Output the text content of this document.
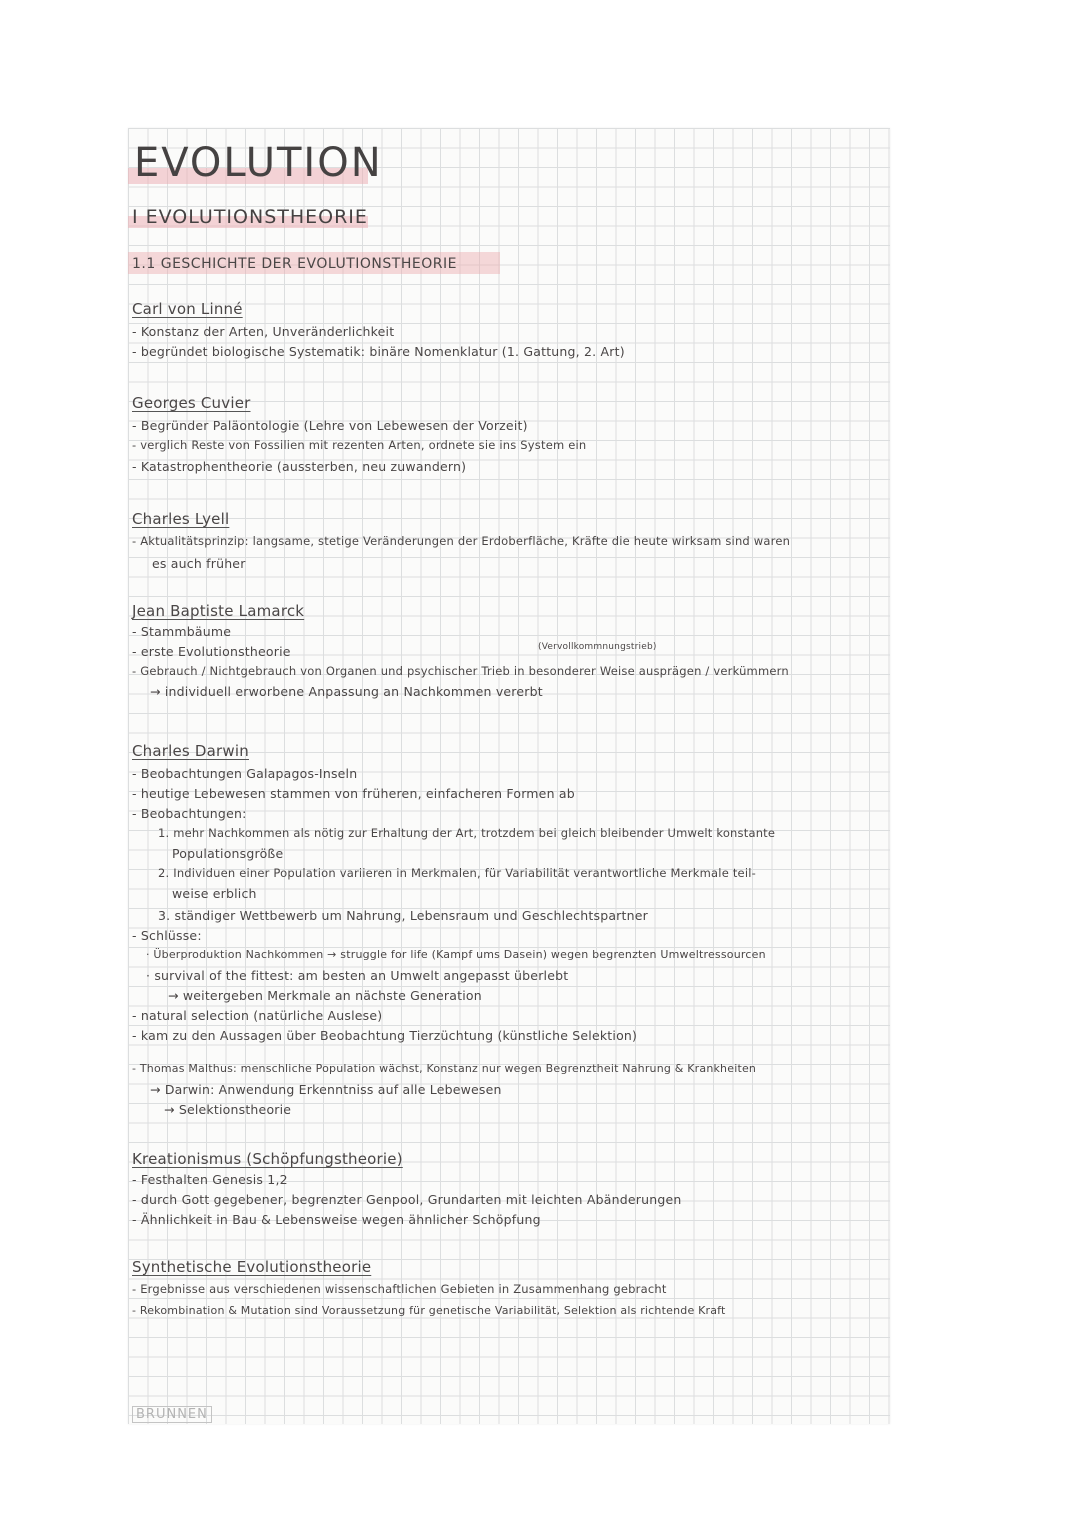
EVOLUTION
I EVOLUTIONSTHEORIE
1.1 GESCHICHTE DER EVOLUTIONSTHEORIE
Carl von Linné
- Konstanz der Arten, Unveränderlichkeit
- begründet biologische Systematik: binäre Nomenklatur (1. Gattung, 2. Art)
Georges Cuvier
- Begründer Paläontologie (Lehre von Lebewesen der Vorzeit)
- verglich Reste von Fossilien mit rezenten Arten, ordnete sie ins System ein
- Katastrophentheorie (aussterben, neu zuwandern)
Charles Lyell
- Aktualitätsprinzip: langsame, stetige Veränderungen der Erdoberfläche, Kräfte die heute wirksam sind waren
es auch früher
Jean Baptiste Lamarck
- Stammbäume
- erste Evolutionstheorie	(Vervollkommnungstrieb)
- Gebrauch / Nichtgebrauch von Organen und psychischer Trieb in besonderer Weise ausprägen / verkümmern
→ individuell erworbene Anpassung an Nachkommen vererbt
Charles Darwin
- Beobachtungen Galapagos-Inseln
- heutige Lebewesen stammen von früheren, einfacheren Formen ab
- Beobachtungen:
1. mehr Nachkommen als nötig zur Erhaltung der Art, trotzdem bei gleich bleibender Umwelt konstante
Populationsgröße
2. Individuen einer Population variieren in Merkmalen, für Variabilität verantwortliche Merkmale teil-
weise erblich
3. ständiger Wettbewerb um Nahrung, Lebensraum und Geschlechtspartner
- Schlüsse:
· Überproduktion Nachkommen → struggle for life (Kampf ums Dasein) wegen begrenzten Umweltressourcen
· survival of the fittest: am besten an Umwelt angepasst überlebt
→ weitergeben Merkmale an nächste Generation
- natural selection (natürliche Auslese)
- kam zu den Aussagen über Beobachtung Tierzüchtung (künstliche Selektion)
- Thomas Malthus: menschliche Population wächst, Konstanz nur wegen Begrenztheit Nahrung & Krankheiten
→ Darwin: Anwendung Erkenntniss auf alle Lebewesen
→ Selektionstheorie
Kreationismus (Schöpfungstheorie)
- Festhalten Genesis 1,2
- durch Gott gegebener, begrenzter Genpool, Grundarten mit leichten Abänderungen
- Ähnlichkeit in Bau & Lebensweise wegen ähnlicher Schöpfung
Synthetische Evolutionstheorie
- Ergebnisse aus verschiedenen wissenschaftlichen Gebieten in Zusammenhang gebracht
- Rekombination & Mutation sind Voraussetzung für genetische Variabilität, Selektion als richtende Kraft
BRUNNEN
